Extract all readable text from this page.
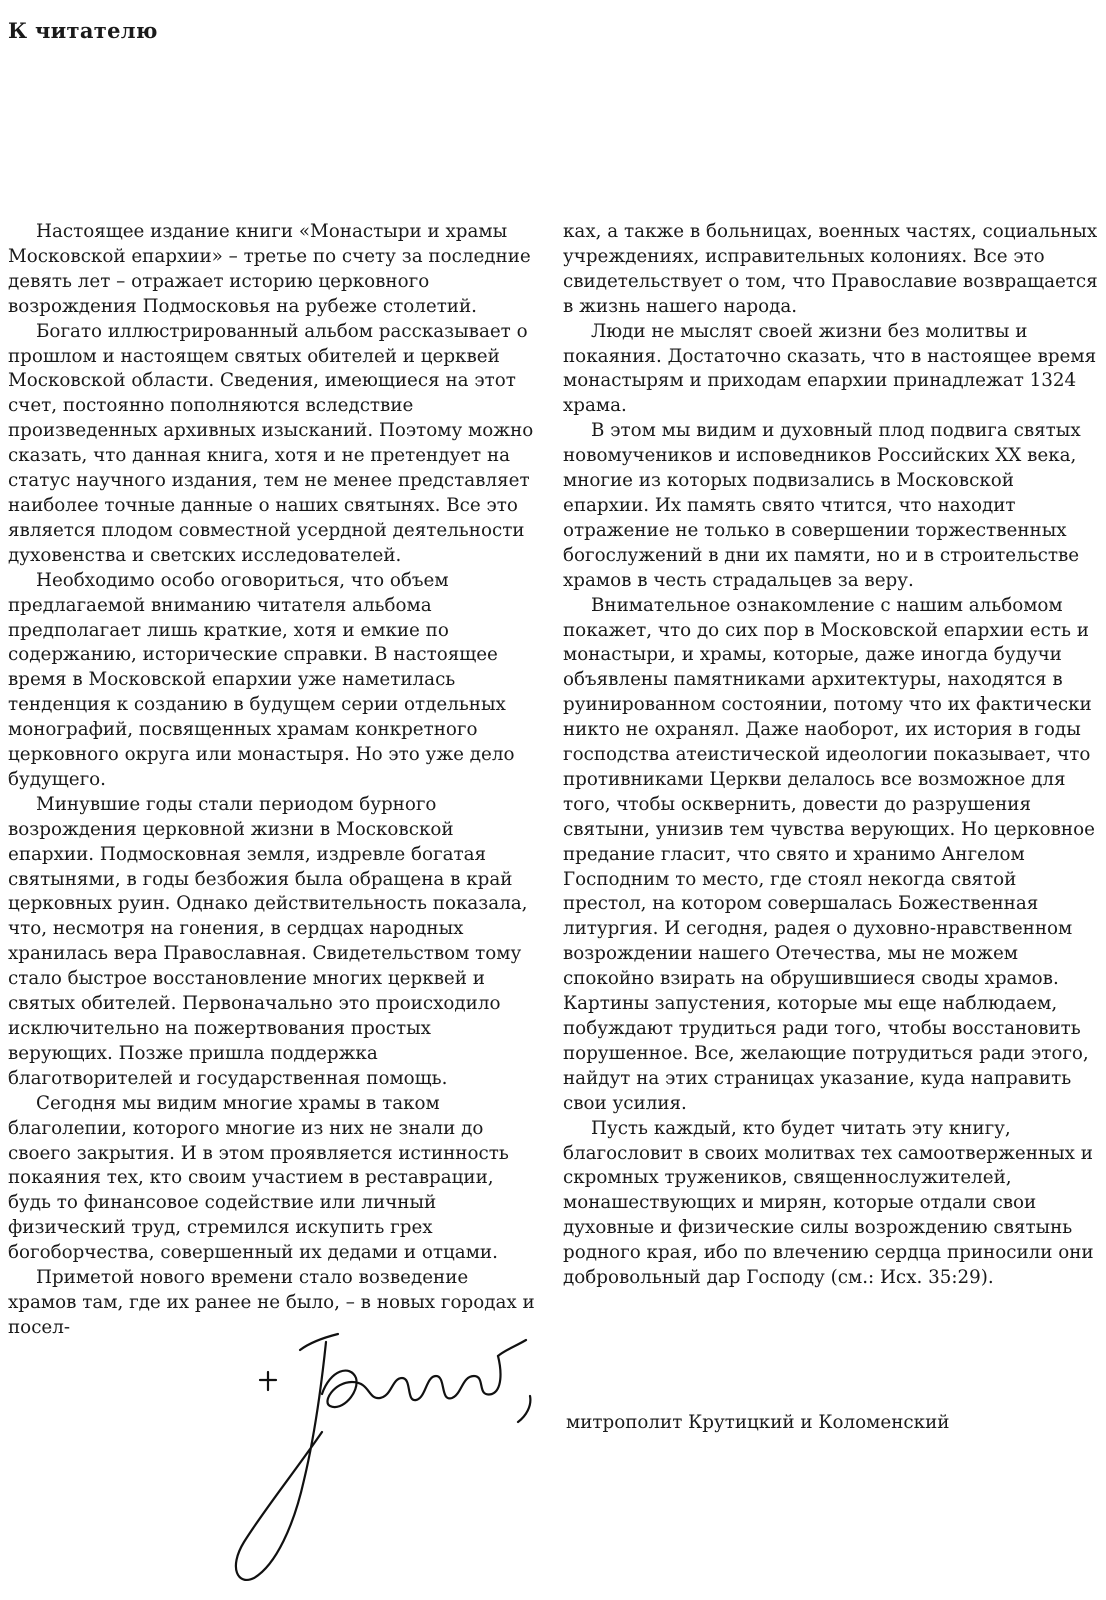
К читателю

Настоящее издание книги «Монастыри и храмы Московской епархии» – третье по счету за последние девять лет – отражает историю церковного возрождения Подмосковья на рубеже столетий.

Богато иллюстрированный альбом рассказывает о прошлом и настоящем святых обителей и церквей Московской области. Сведения, имеющиеся на этот счет, постоянно пополняются вследствие произведенных архивных изысканий. Поэтому можно сказать, что данная книга, хотя и не претендует на статус научного издания, тем не менее представляет наиболее точные данные о наших святынях. Все это является плодом совместной усердной деятельности духовенства и светских исследователей.

Необходимо особо оговориться, что объем предлагаемой вниманию читателя альбома предполагает лишь краткие, хотя и емкие по содержанию, исторические справки. В настоящее время в Московской епархии уже наметилась тенденция к созданию в будущем серии отдельных монографий, посвященных храмам конкретного церковного округа или монастыря. Но это уже дело будущего.

Минувшие годы стали периодом бурного возрождения церковной жизни в Московской епархии. Подмосковная земля, издревле богатая святынями, в годы безбожия была обращена в край церковных руин. Однако действительность показала, что, несмотря на гонения, в сердцах народных хранилась вера Православная. Свидетельством тому стало быстрое восстановление многих церквей и святых обителей. Первоначально это происходило исключительно на пожертвования простых верующих. Позже пришла поддержка благотворителей и государственная помощь.

Сегодня мы видим многие храмы в таком благолепии, которого многие из них не знали до своего закрытия. И в этом проявляется истинность покаяния тех, кто своим участием в реставрации, будь то финансовое содействие или личный физический труд, стремился искупить грех богоборчества, совершенный их дедами и отцами.

Приметой нового времени стало возведение храмов там, где их ранее не было, – в новых городах и посел-

ках, а также в больницах, военных частях, социальных учреждениях, исправительных колониях. Все это свидетельствует о том, что Православие возвращается в жизнь нашего народа.

Люди не мыслят своей жизни без молитвы и покаяния. Достаточно сказать, что в настоящее время монастырям и приходам епархии принадлежат 1324 храма.

В этом мы видим и духовный плод подвига святых новомучеников и исповедников Российских XX века, многие из которых подвизались в Московской епархии. Их память свято чтится, что находит отражение не только в совершении торжественных богослужений в дни их памяти, но и в строительстве храмов в честь страдальцев за веру.

Внимательное ознакомление с нашим альбомом покажет, что до сих пор в Московской епархии есть и монастыри, и храмы, которые, даже иногда будучи объявлены памятниками архитектуры, находятся в руинированном состоянии, потому что их фактически никто не охранял. Даже наоборот, их история в годы господства атеистической идеологии показывает, что противниками Церкви делалось все возможное для того, чтобы осквернить, довести до разрушения святыни, унизив тем чувства верующих. Но церковное предание гласит, что свято и хранимо Ангелом Господним то место, где стоял некогда святой престол, на котором совершалась Божественная литургия. И сегодня, радея о духовно-нравственном возрождении нашего Отечества, мы не можем спокойно взирать на обрушившиеся своды храмов. Картины запустения, которые мы еще наблюдаем, побуждают трудиться ради того, чтобы восстановить порушенное. Все, желающие потрудиться ради этого, найдут на этих страницах указание, куда направить свои усилия.

Пусть каждый, кто будет читать эту книгу, благословит в своих молитвах тех самоотверженных и скромных тружеников, священнослужителей, монашествующих и мирян, которые отдали свои духовные и физические силы возрождению святынь родного края, ибо по влечению сердца приносили они добровольный дар Господу (см.: Исх. 35:29).

митрополит Крутицкий и Коломенский
